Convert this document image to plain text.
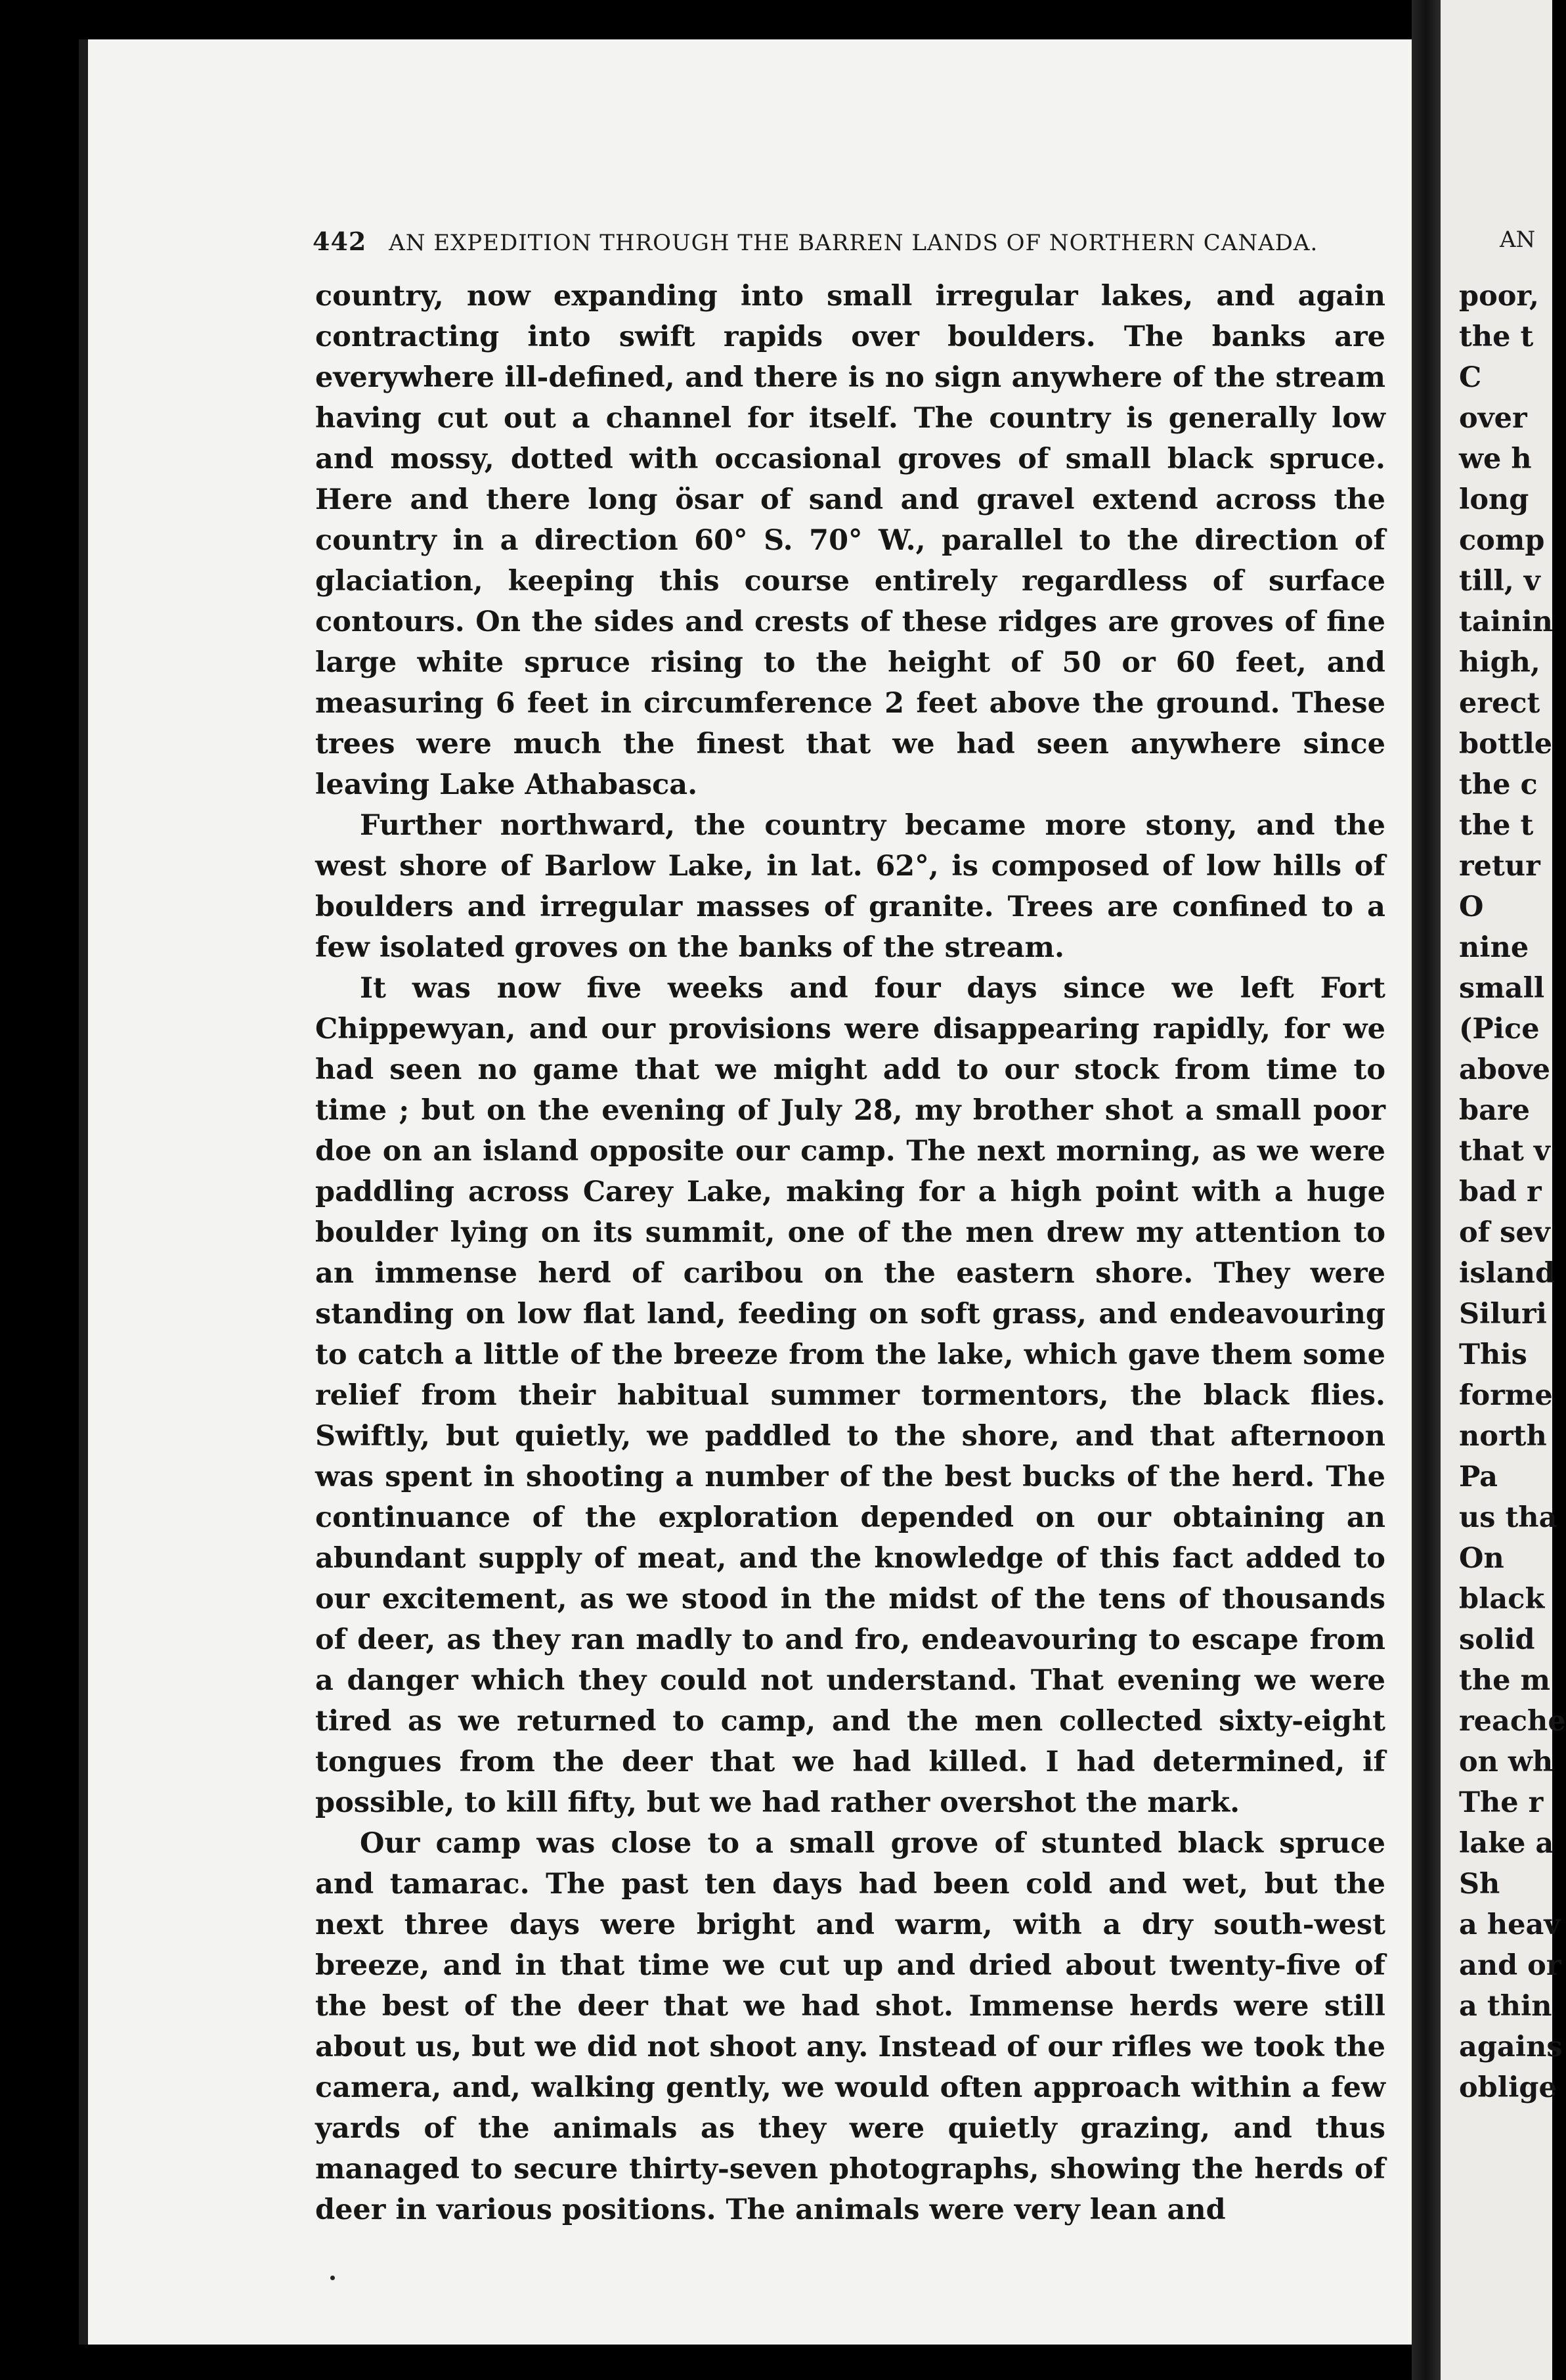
AN
poor,
the t
C
over
we h
long
comp
till, v
tainin
high,
erect
bottle
the c
the t
retur
O
nine
small
(Pice
above
bare
that v
bad r
of sev
island
Siluri
This
forme
north
Pa
us tha
On
black
solid
the m
reache
on wh
The r
lake a
Sh
a heav
and or
a thin
agains
oblige
442 AN EXPEDITION THROUGH THE BARREN LANDS OF NORTHERN CANADA.

country, now expanding into small irregular lakes, and again contracting into swift rapids over boulders. The banks are everywhere ill-defined, and there is no sign anywhere of the stream having cut out a channel for itself. The country is generally low and mossy, dotted with occasional groves of small black spruce. Here and there long ösar of sand and gravel extend across the country in a direction 60° S. 70° W., parallel to the direction of glaciation, keeping this course entirely regardless of surface contours. On the sides and crests of these ridges are groves of fine large white spruce rising to the height of 50 or 60 feet, and measuring 6 feet in circumference 2 feet above the ground. These trees were much the finest that we had seen anywhere since leaving Lake Athabasca.

Further northward, the country became more stony, and the west shore of Barlow Lake, in lat. 62°, is composed of low hills of boulders and irregular masses of granite. Trees are confined to a few isolated groves on the banks of the stream.

It was now five weeks and four days since we left Fort Chippewyan, and our provisions were disappearing rapidly, for we had seen no game that we might add to our stock from time to time ; but on the evening of July 28, my brother shot a small poor doe on an island opposite our camp. The next morning, as we were paddling across Carey Lake, making for a high point with a huge boulder lying on its summit, one of the men drew my attention to an immense herd of caribou on the eastern shore. They were standing on low flat land, feeding on soft grass, and endeavouring to catch a little of the breeze from the lake, which gave them some relief from their habitual summer tormentors, the black flies. Swiftly, but quietly, we paddled to the shore, and that afternoon was spent in shooting a number of the best bucks of the herd. The continuance of the exploration depended on our obtaining an abundant supply of meat, and the knowledge of this fact added to our excitement, as we stood in the midst of the tens of thousands of deer, as they ran madly to and fro, endeavouring to escape from a danger which they could not understand. That evening we were tired as we returned to camp, and the men collected sixty-eight tongues from the deer that we had killed. I had determined, if possible, to kill fifty, but we had rather overshot the mark.

Our camp was close to a small grove of stunted black spruce and tamarac. The past ten days had been cold and wet, but the next three days were bright and warm, with a dry south-west breeze, and in that time we cut up and dried about twenty-five of the best of the deer that we had shot. Immense herds were still about us, but we did not shoot any. Instead of our rifles we took the camera, and, walking gently, we would often approach within a few yards of the animals as they were quietly grazing, and thus managed to secure thirty-seven photographs, showing the herds of deer in various positions. The animals were very lean and
